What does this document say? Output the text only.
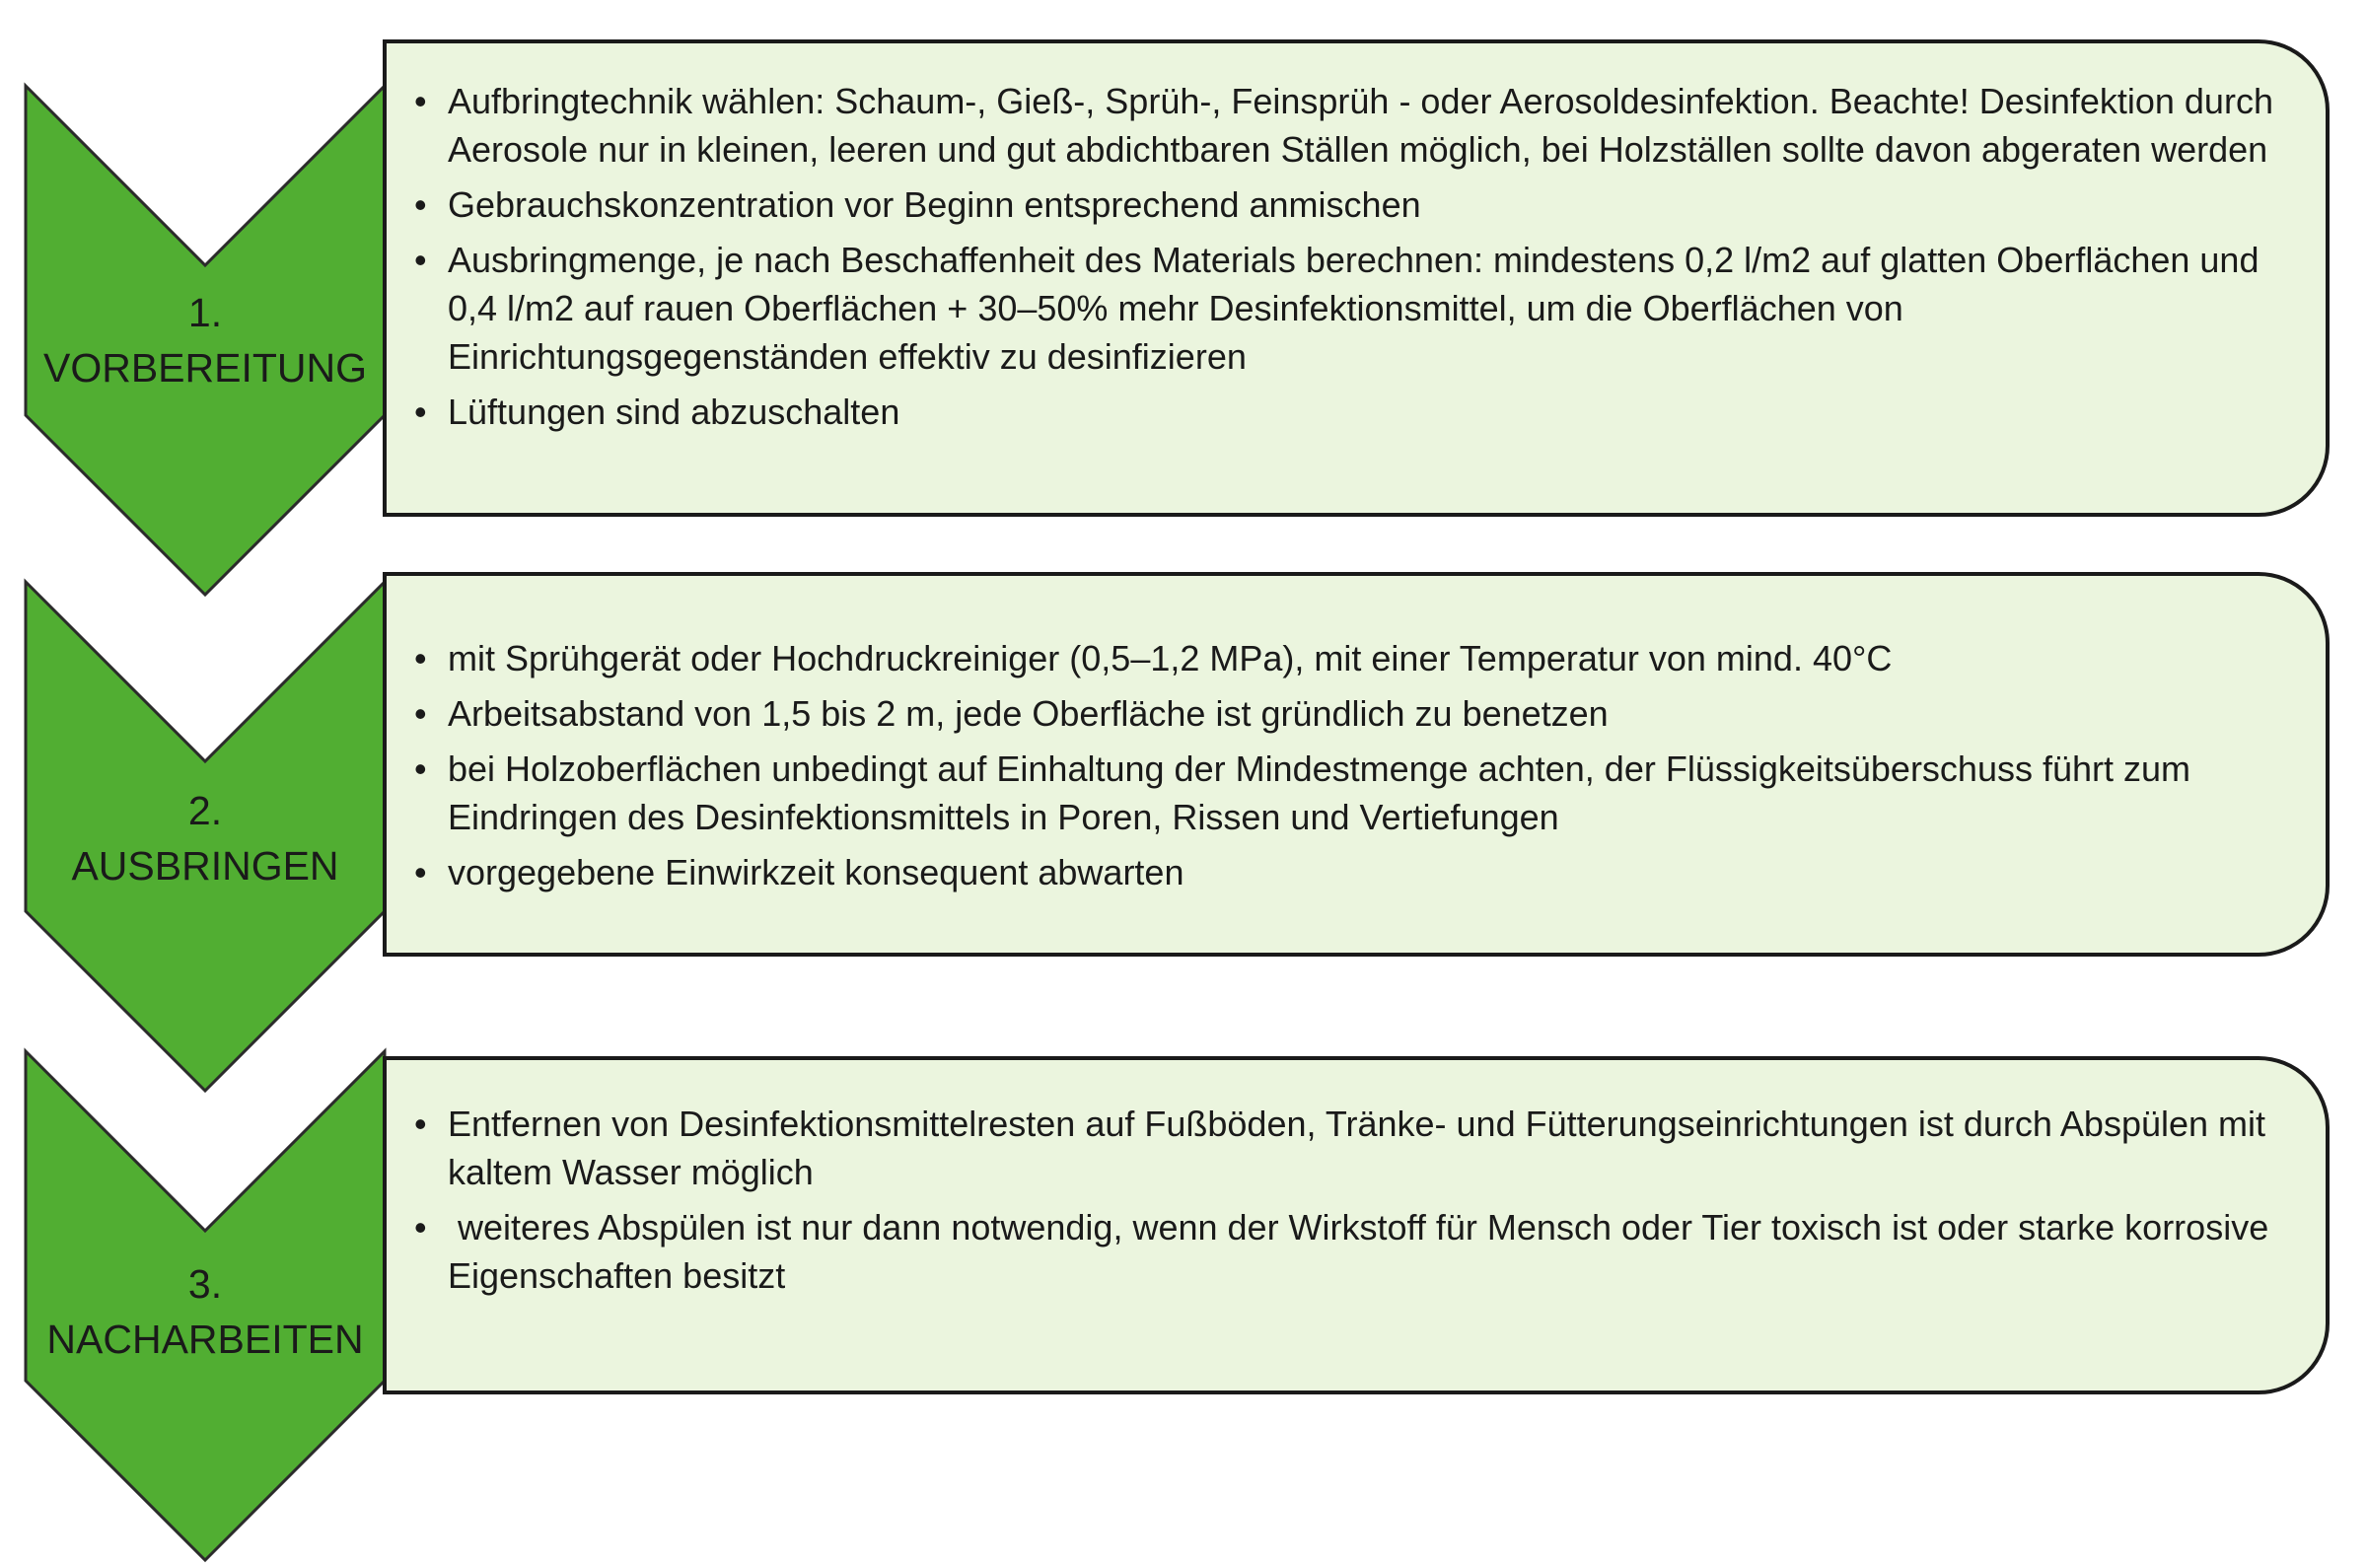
1.
VORBEREITUNG
• Aufbringtechnik wählen: Schaum-, Gieß-, Sprüh-, Feinsprüh - oder Aerosoldesinfektion. Beachte! Desinfektion durch Aerosole nur in kleinen, leeren und gut abdichtbaren Ställen möglich, bei Holzställen sollte davon abgeraten werden
• Gebrauchskonzentration vor Beginn entsprechend anmischen
• Ausbringmenge, je nach Beschaffenheit des Materials berechnen: mindestens 0,2 l/m2 auf glatten Oberflächen und 0,4 l/m2 auf rauen Oberflächen + 30–50% mehr Desinfektionsmittel, um die Oberflächen von Einrichtungsgegenständen effektiv zu desinfizieren
• Lüftungen sind abzuschalten
2.
AUSBRINGEN
• mit Sprühgerät oder Hochdruckreiniger (0,5–1,2 MPa), mit einer Temperatur von mind. 40°C
• Arbeitsabstand von 1,5 bis 2 m, jede Oberfläche ist gründlich zu benetzen
• bei Holzoberflächen unbedingt auf Einhaltung der Mindestmenge achten, der Flüssigkeitsüberschuss führt zum Eindringen des Desinfektionsmittels in Poren, Rissen und Vertiefungen
• vorgegebene Einwirkzeit konsequent abwarten
3.
NACHARBEITEN
• Entfernen von Desinfektionsmittelresten auf Fußböden, Tränke- und Fütterungseinrichtungen ist durch Abspülen mit kaltem Wasser möglich
•  weiteres Abspülen ist nur dann notwendig, wenn der Wirkstoff für Mensch oder Tier toxisch ist oder starke korrosive Eigenschaften besitzt
